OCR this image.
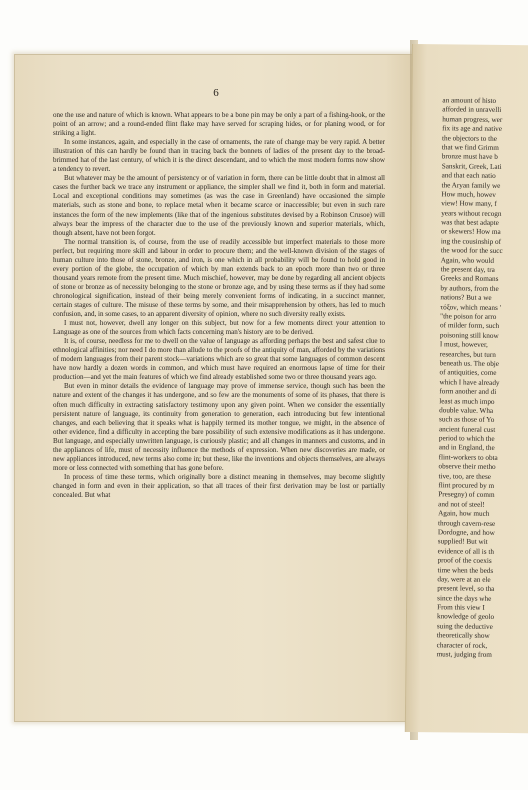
6

one the use and nature of which is known. What appears to be a bone pin may be only a part of a fishing-hook, or the point of an arrow; and a round-ended flint flake may have served for scraping hides, or for planing wood, or for striking a light.

In some instances, again, and especially in the case of ornaments, the rate of change may be very rapid. A better illustration of this can hardly be found than in tracing back the bonnets of ladies of the present day to the broad-brimmed hat of the last century, of which it is the direct descendant, and to which the most modern forms now show a tendency to revert.

But whatever may be the amount of persistency or of variation in form, there can be little doubt that in almost all cases the further back we trace any instrument or appliance, the simpler shall we find it, both in form and material. Local and exceptional conditions may sometimes (as was the case in Greenland) have occasioned the simple materials, such as stone and bone, to replace metal when it became scarce or inaccessible; but even in such rare instances the form of the new implements (like that of the ingenious substitutes devised by a Robinson Crusoe) will always bear the impress of the character due to the use of the previously known and superior materials, which, though absent, have not been forgot.

The normal transition is, of course, from the use of readily accessible but imperfect materials to those more perfect, but requiring more skill and labour in order to procure them; and the well-known division of the stages of human culture into those of stone, bronze, and iron, is one which in all probability will be found to hold good in every portion of the globe, the occupation of which by man extends back to an epoch more than two or three thousand years remote from the present time. Much mischief, however, may be done by regarding all ancient objects of stone or bronze as of necessity belonging to the stone or bronze age, and by using these terms as if they had some chronological signification, instead of their being merely convenient forms of indicating, in a succinct manner, certain stages of culture. The misuse of these terms by some, and their misapprehension by others, has led to much confusion, and, in some cases, to an apparent diversity of opinion, where no such diversity really exists.

I must not, however, dwell any longer on this subject, but now for a few moments direct your attention to Language as one of the sources from which facts concerning man's history are to be derived.

It is, of course, needless for me to dwell on the value of language as affording perhaps the best and safest clue to ethnological affinities; nor need I do more than allude to the proofs of the antiquity of man, afforded by the variations of modern languages from their parent stock—variations which are so great that some languages of common descent have now hardly a dozen words in common, and which must have required an enormous lapse of time for their production—and yet the main features of which we find already established some two or three thousand years ago.

But even in minor details the evidence of language may prove of immense service, though such has been the nature and extent of the changes it has undergone, and so few are the monuments of some of its phases, that there is often much difficulty in extracting satisfactory testimony upon any given point. When we consider the essentially persistent nature of language, its continuity from generation to generation, each introducing but few intentional changes, and each believing that it speaks what is happily termed its mother tongue, we might, in the absence of other evidence, find a difficulty in accepting the bare possibility of such extensive modifications as it has undergone. But language, and especially unwritten language, is curiously plastic; and all changes in manners and customs, and in the appliances of life, must of necessity influence the methods of expression. When new discoveries are made, or new appliances introduced, new terms also come in; but these, like the inventions and objects themselves, are always more or less connected with something that has gone before.

In process of time these terms, which originally bore a distinct meaning in themselves, may become slightly changed in form and even in their application, so that all traces of their first derivation may be lost or partially concealed. But what

an amount of histo
afforded in unravelli
human progress, wer
fix its age and native
the objectors to the
that we find Grimm
bronze must have b
Sanskrit, Greek, Lati
and that each natio
the Aryan family we
How much, howev
view! How many, f
years without recogn
was that best adapte
or skewers! How ma
ing the cousinship of
the wood for the succ
Again, who would
the present day, tra
Greeks and Romans
by authors, from the
nations? But a we
τόξον, which means '
"the poison for arro
of milder form, such
poisoning still know
I must, however,
researches, but turn
beneath us. The obje
of antiquities, come
which I have already
form another and di
least as much impo
double value. Wha
such as those of Yo
ancient funeral cust
period to which the
and in England, the
flint-workers to obta
observe their metho
tive, too, are these
flint procured by m
Presegny) of comm
and not of steel!
Again, how much
through cavern-rese
Dordogne, and how
supplied! But wit
evidence of all is th
proof of the coexis
time when the beds
day, were at an ele
present level, so tha
since the days whe
From this view I
knowledge of geolo
suing the deductive
theoretically show
character of rock,
must, judging from
